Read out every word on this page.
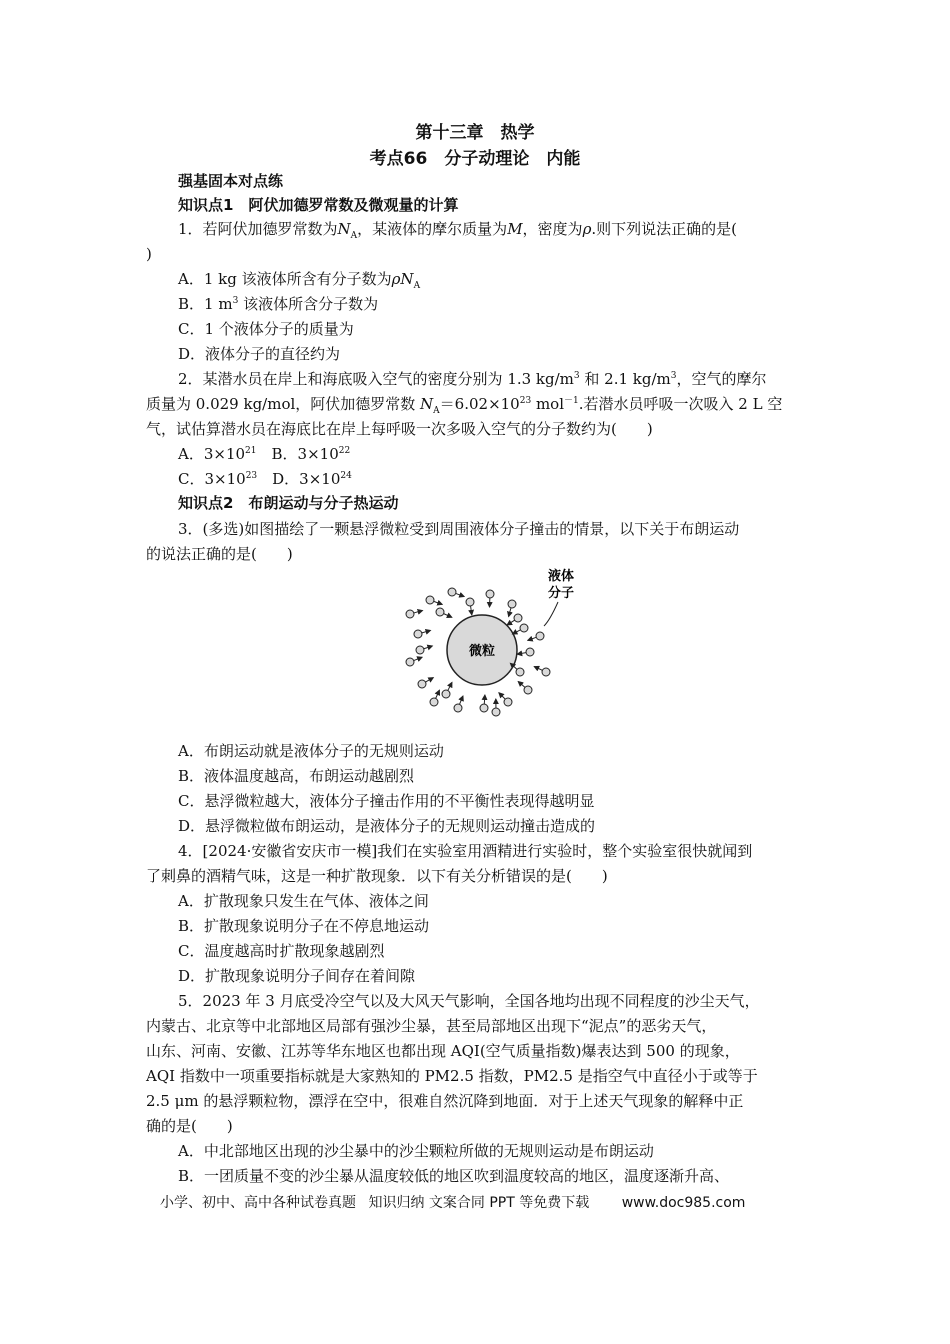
第十三章　热学
考点66　分子动理论　内能
强基固本对点练
知识点1　阿伏加德罗常数及微观量的计算
1．若阿伏加德罗常数为$N_A$，某液体的摩尔质量为M，密度为ρ.则下列说法正确的是(
)
A．1 kg 该液体所含有分子数为$\rho N_A$
B．1 $m^3$ 该液体所含分子数为
C．1 个液体分子的质量为
D．液体分子的直径约为
2．某潜水员在岸上和海底吸入空气的密度分别为 1.3 $kg/m^3$ 和 2.1 $kg/m^3$，空气的摩尔
质量为 0.029 kg/mol，阿伏加德罗常数 $N_A=6.02\times 10^{23}$ mol$^{-1}$.若潜水员呼吸一次吸入 2 L 空
气，试估算潜水员在海底比在岸上每呼吸一次多吸入空气的分子数约为(　　)
A．$3\times 10^{21}$　 B．$3\times 10^{22}$
C．$3\times 10^{23}$　 D．$3\times 10^{24}$
知识点2　布朗运动与分子热运动
3．(多选)如图描绘了一颗悬浮微粒受到周围液体分子撞击的情景，以下关于布朗运动
的说法正确的是(　　)
微粒
液体
分子
A．布朗运动就是液体分子的无规则运动
B．液体温度越高，布朗运动越剧烈
C．悬浮微粒越大，液体分子撞击作用的不平衡性表现得越明显
D．悬浮微粒做布朗运动，是液体分子的无规则运动撞击造成的
4．[2024·安徽省安庆市一模]我们在实验室用酒精进行实验时，整个实验室很快就闻到
了刺鼻的酒精气味，这是一种扩散现象．以下有关分析错误的是(　　)
A．扩散现象只发生在气体、液体之间
B．扩散现象说明分子在不停息地运动
C．温度越高时扩散现象越剧烈
D．扩散现象说明分子间存在着间隙
5．2023 年 3 月底受冷空气以及大风天气影响，全国各地均出现不同程度的沙尘天气，
内蒙古、北京等中北部地区局部有强沙尘暴，甚至局部地区出现下“泥点”的恶劣天气，
山东、河南、安徽、江苏等华东地区也都出现 AQI(空气质量指数)爆表达到 500 的现象，
AQI 指数中一项重要指标就是大家熟知的 PM2.5 指数，PM2.5 是指空气中直径小于或等于
2.5 μm 的悬浮颗粒物，漂浮在空中，很难自然沉降到地面．对于上述天气现象的解释中正
确的是(　　)
A．中北部地区出现的沙尘暴中的沙尘颗粒所做的无规则运动是布朗运动
B．一团质量不变的沙尘暴从温度较低的地区吹到温度较高的地区，温度逐渐升高、
小学、初中、高中各种试卷真题 知识归纳 文案合同 PPT 等免费下载 www.doc985.com
